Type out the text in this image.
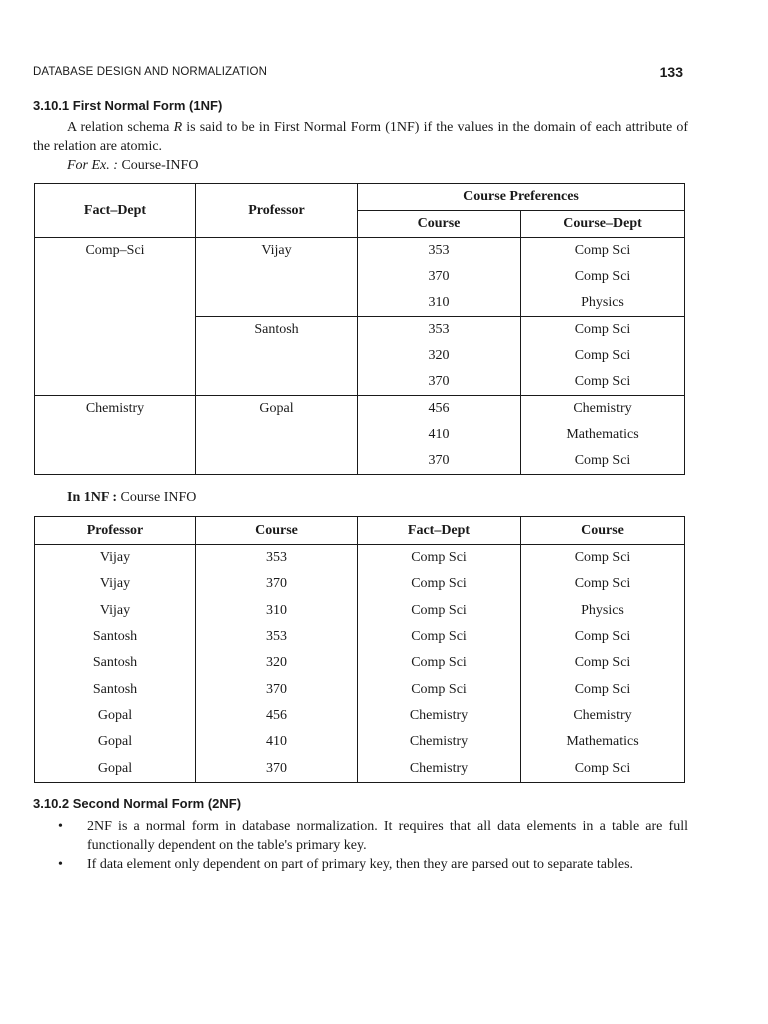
DATABASE DESIGN AND NORMALIZATION	133
3.10.1 First Normal Form (1NF)
A relation schema R is said to be in First Normal Form (1NF) if the values in the domain of each attribute of the relation are atomic.
For Ex. : Course-INFO
Fact–Dept	Professor	Course Preferences	
		Course	Course–Dept
Comp–Sci	Vijay	353	Comp Sci
		370	Comp Sci
		310	Physics
	Santosh	353	Comp Sci
		320	Comp Sci
		370	Comp Sci
Chemistry	Gopal	456	Chemistry
		410	Mathematics
		370	Comp Sci
In 1NF : Course INFO
Professor	Course	Fact–Dept	Course
Vijay	353	Comp Sci	Comp Sci
Vijay	370	Comp Sci	Comp Sci
Vijay	310	Comp Sci	Physics
Santosh	353	Comp Sci	Comp Sci
Santosh	320	Comp Sci	Comp Sci
Santosh	370	Comp Sci	Comp Sci
Gopal	456	Chemistry	Chemistry
Gopal	410	Chemistry	Mathematics
Gopal	370	Chemistry	Comp Sci
3.10.2 Second Normal Form (2NF)
• 2NF is a normal form in database normalization. It requires that all data elements in a table are full functionally dependent on the table's primary key.
• If data element only dependent on part of primary key, then they are parsed out to separate tables.
